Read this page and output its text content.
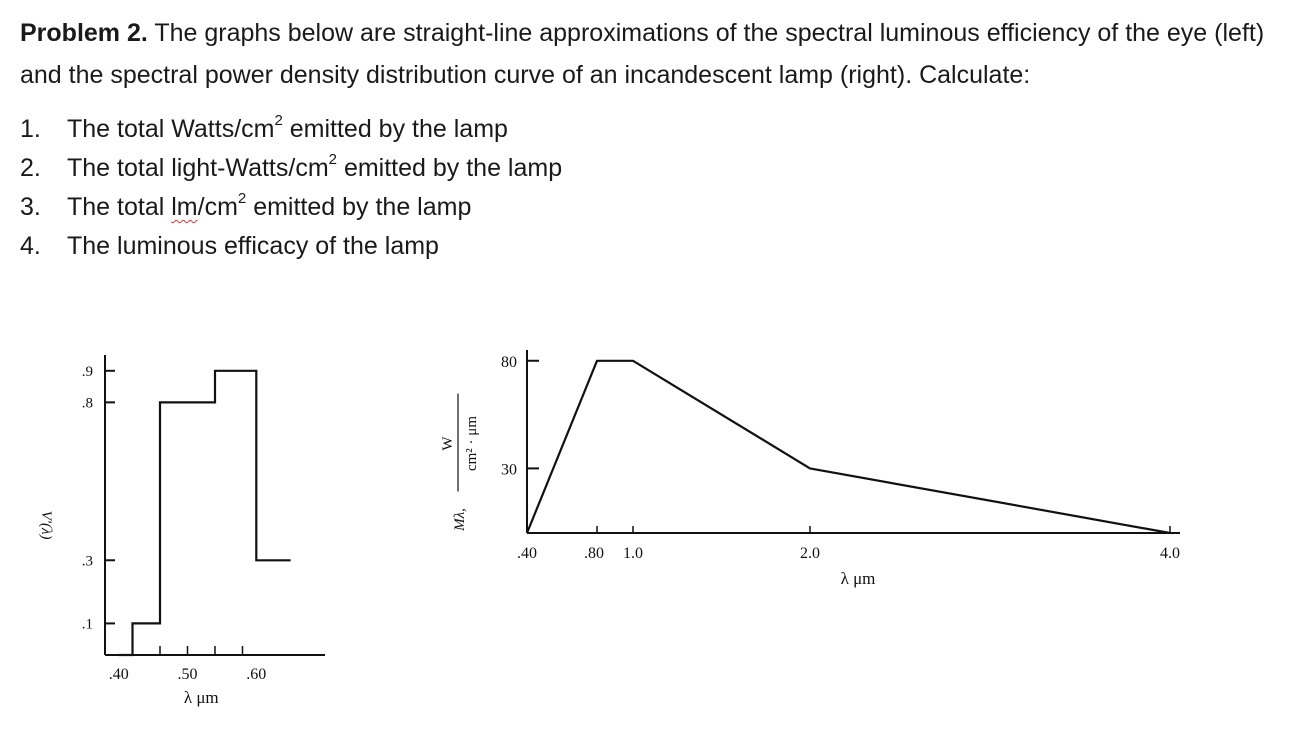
Problem 2. The graphs below are straight-line approximations of the spectral luminous efficiency of the eye (left) and the spectral power density distribution curve of an incandescent lamp (right). Calculate:
1.	The total Watts/$cm^2$ emitted by the lamp
2.	The total light-$Watts/cm^2$ emitted by the lamp
3.	The total $lm/cm^2$ emitted by the lamp
4.	The luminous efficacy of the lamp
.1
.3
.8
.9
.40	.50	.60
V'(λ)
λ μm
30
80
.40	.80 1.0	2.0	4.0
λ μm
Mλ,
W cm² · μm
